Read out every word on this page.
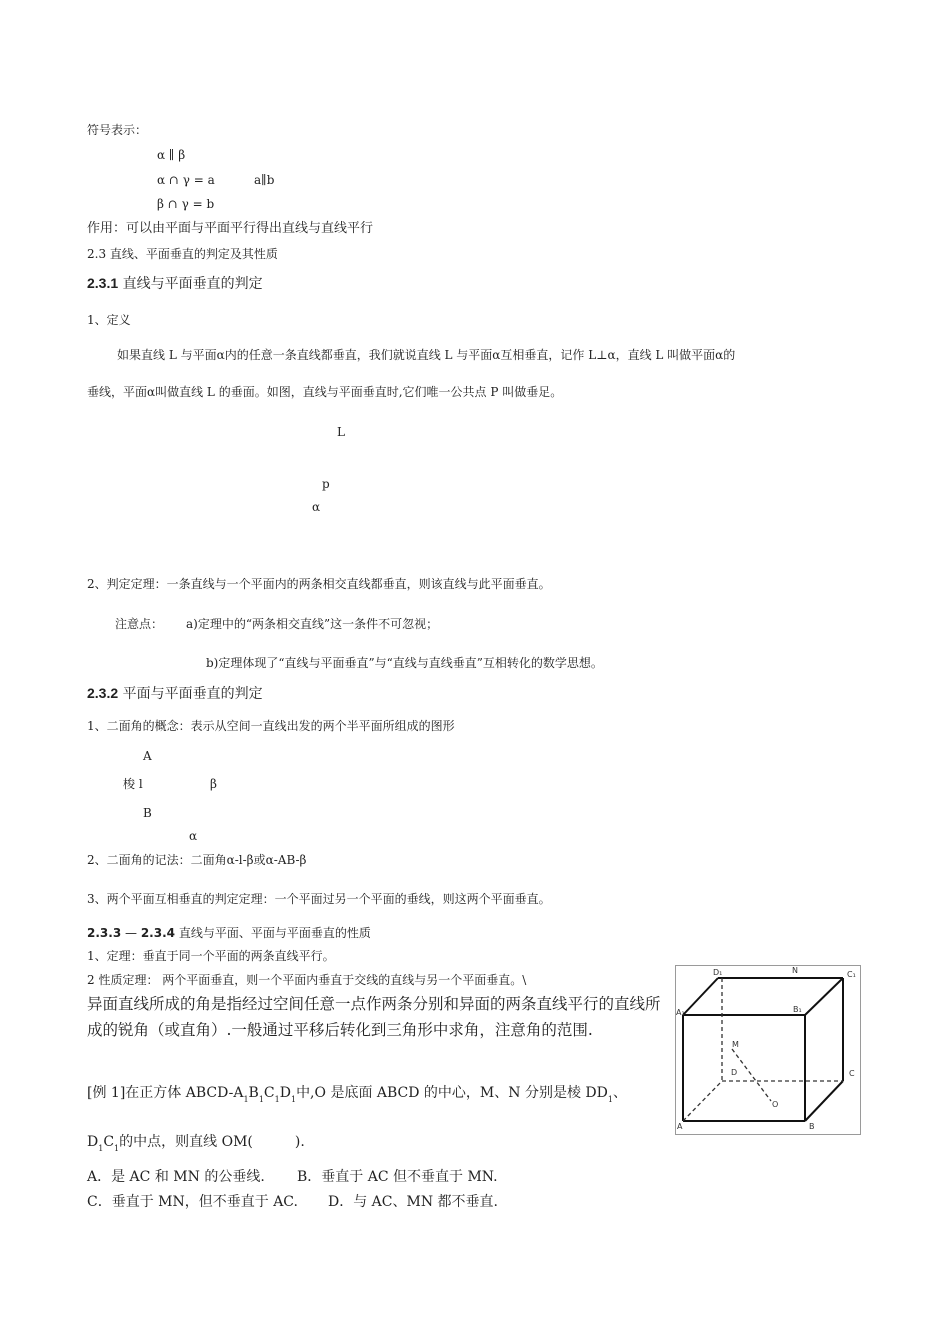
符号表示：
α ∥ β
α ∩ γ = a	a∥b
β ∩ γ = b
作用：可以由平面与平面平行得出直线与直线平行
2.3 直线、平面垂直的判定及其性质
2.3.1 直线与平面垂直的判定
1、定义
如果直线 L 与平面α内的任意一条直线都垂直，我们就说直线 L 与平面α互相垂直，记作 L⊥α，直线 L 叫做平面α的
垂线，平面α叫做直线 L 的垂面。如图，直线与平面垂直时,它们唯一公共点 P 叫做垂足。
L
p
α
2、判定定理：一条直线与一个平面内的两条相交直线都垂直，则该直线与此平面垂直。
注意点： a)定理中的“两条相交直线”这一条件不可忽视；
b)定理体现了“直线与平面垂直”与“直线与直线垂直”互相转化的数学思想。
2.3.2 平面与平面垂直的判定
1、二面角的概念：表示从空间一直线出发的两个半平面所组成的图形
A
梭 l	β
B
α
2、二面角的记法：二面角α-l-β或α-AB-β
3、两个平面互相垂直的判定定理：一个平面过另一个平面的垂线，则这两个平面垂直。
2.3.3 — 2.3.4 直线与平面、平面与平面垂直的性质
1、定理：垂直于同一个平面的两条直线平行。
2 性质定理： 两个平面垂直，则一个平面内垂直于交线的直线与另一个平面垂直。\
异面直线所成的角是指经过空间任意一点作两条分别和异面的两条直线平行的直线所成的锐角（或直角）.一般通过平移后转化到三角形中求角，注意角的范围.
[例 1]在正方体 ABCD-$A_1B_1C_1D_1$中,O 是底面 ABCD 的中心，M、N 分别是棱 $DD_1$、
$D_1C_1$的中点，则直线 OM(　　　).
A．是 AC 和 MN 的公垂线. B．垂直于 AC 但不垂直于 MN.
C．垂直于 MN，但不垂直于 AC. D．与 AC、MN 都不垂直.
D₁	N	C₁
A₁	B₁
M
D	C
O
A	B
